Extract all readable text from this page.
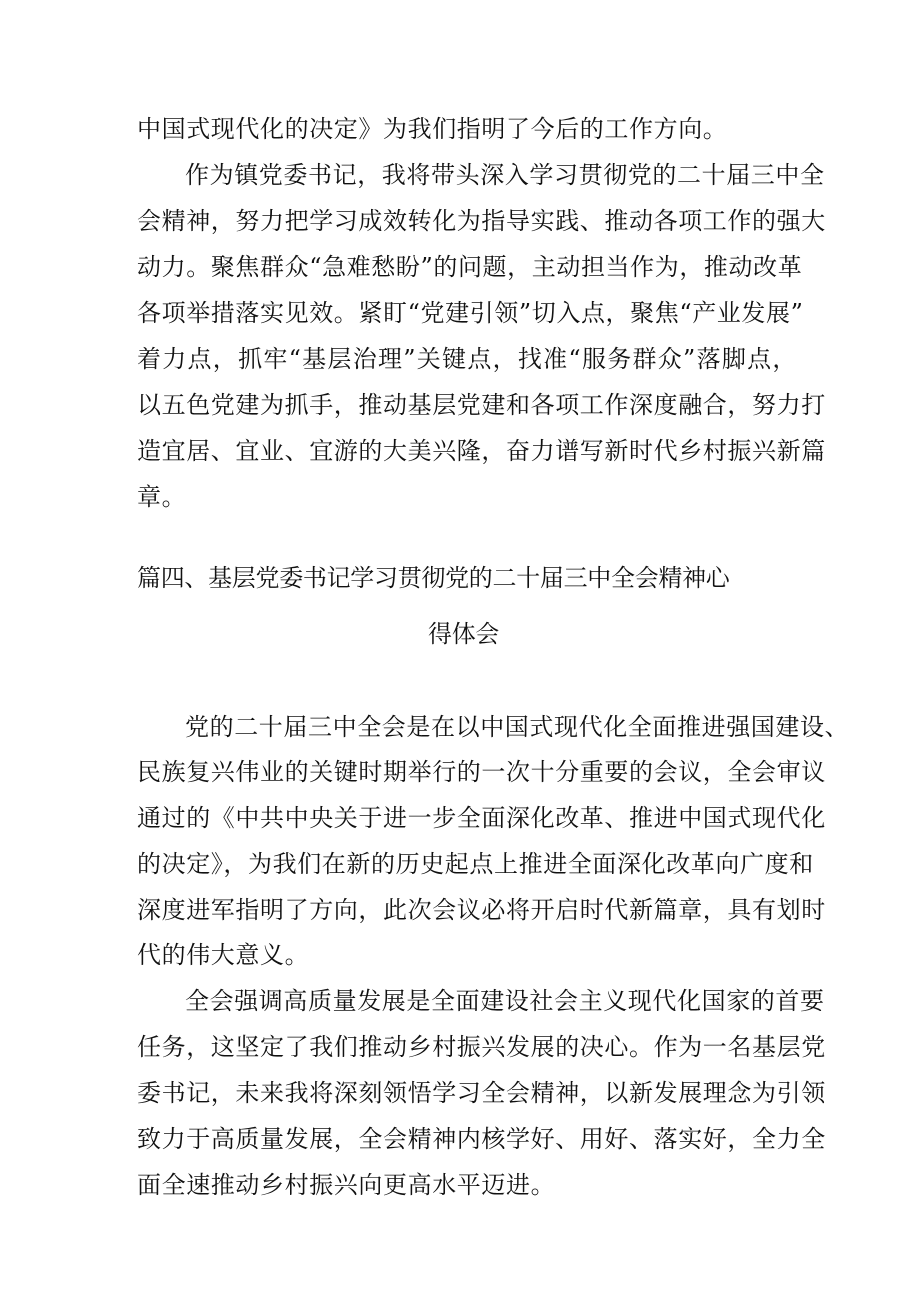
中国式现代化的决定》为我们指明了今后的工作方向。
作为镇党委书记，我将带头深入学习贯彻党的二十届三中全
会精神，努力把学习成效转化为指导实践、推动各项工作的强大
动力。聚焦群众“急难愁盼”的问题，主动担当作为，推动改革
各项举措落实见效。紧盯“党建引领”切入点，聚焦“产业发展”
着力点，抓牢“基层治理”关键点，找准“服务群众”落脚点，
以五色党建为抓手，推动基层党建和各项工作深度融合，努力打
造宜居、宜业、宜游的大美兴隆，奋力谱写新时代乡村振兴新篇
章。
篇四、基层党委书记学习贯彻党的二十届三中全会精神心
得体会
党的二十届三中全会是在以中国式现代化全面推进强国建设、
民族复兴伟业的关键时期举行的一次十分重要的会议，全会审议
通过的《中共中央关于进一步全面深化改革、推进中国式现代化
的决定》，为我们在新的历史起点上推进全面深化改革向广度和
深度进军指明了方向，此次会议必将开启时代新篇章，具有划时
代的伟大意义。
全会强调高质量发展是全面建设社会主义现代化国家的首要
任务，这坚定了我们推动乡村振兴发展的决心。作为一名基层党
委书记，未来我将深刻领悟学习全会精神，以新发展理念为引领
致力于高质量发展，全会精神内核学好、用好、落实好，全力全
面全速推动乡村振兴向更高水平迈进。
